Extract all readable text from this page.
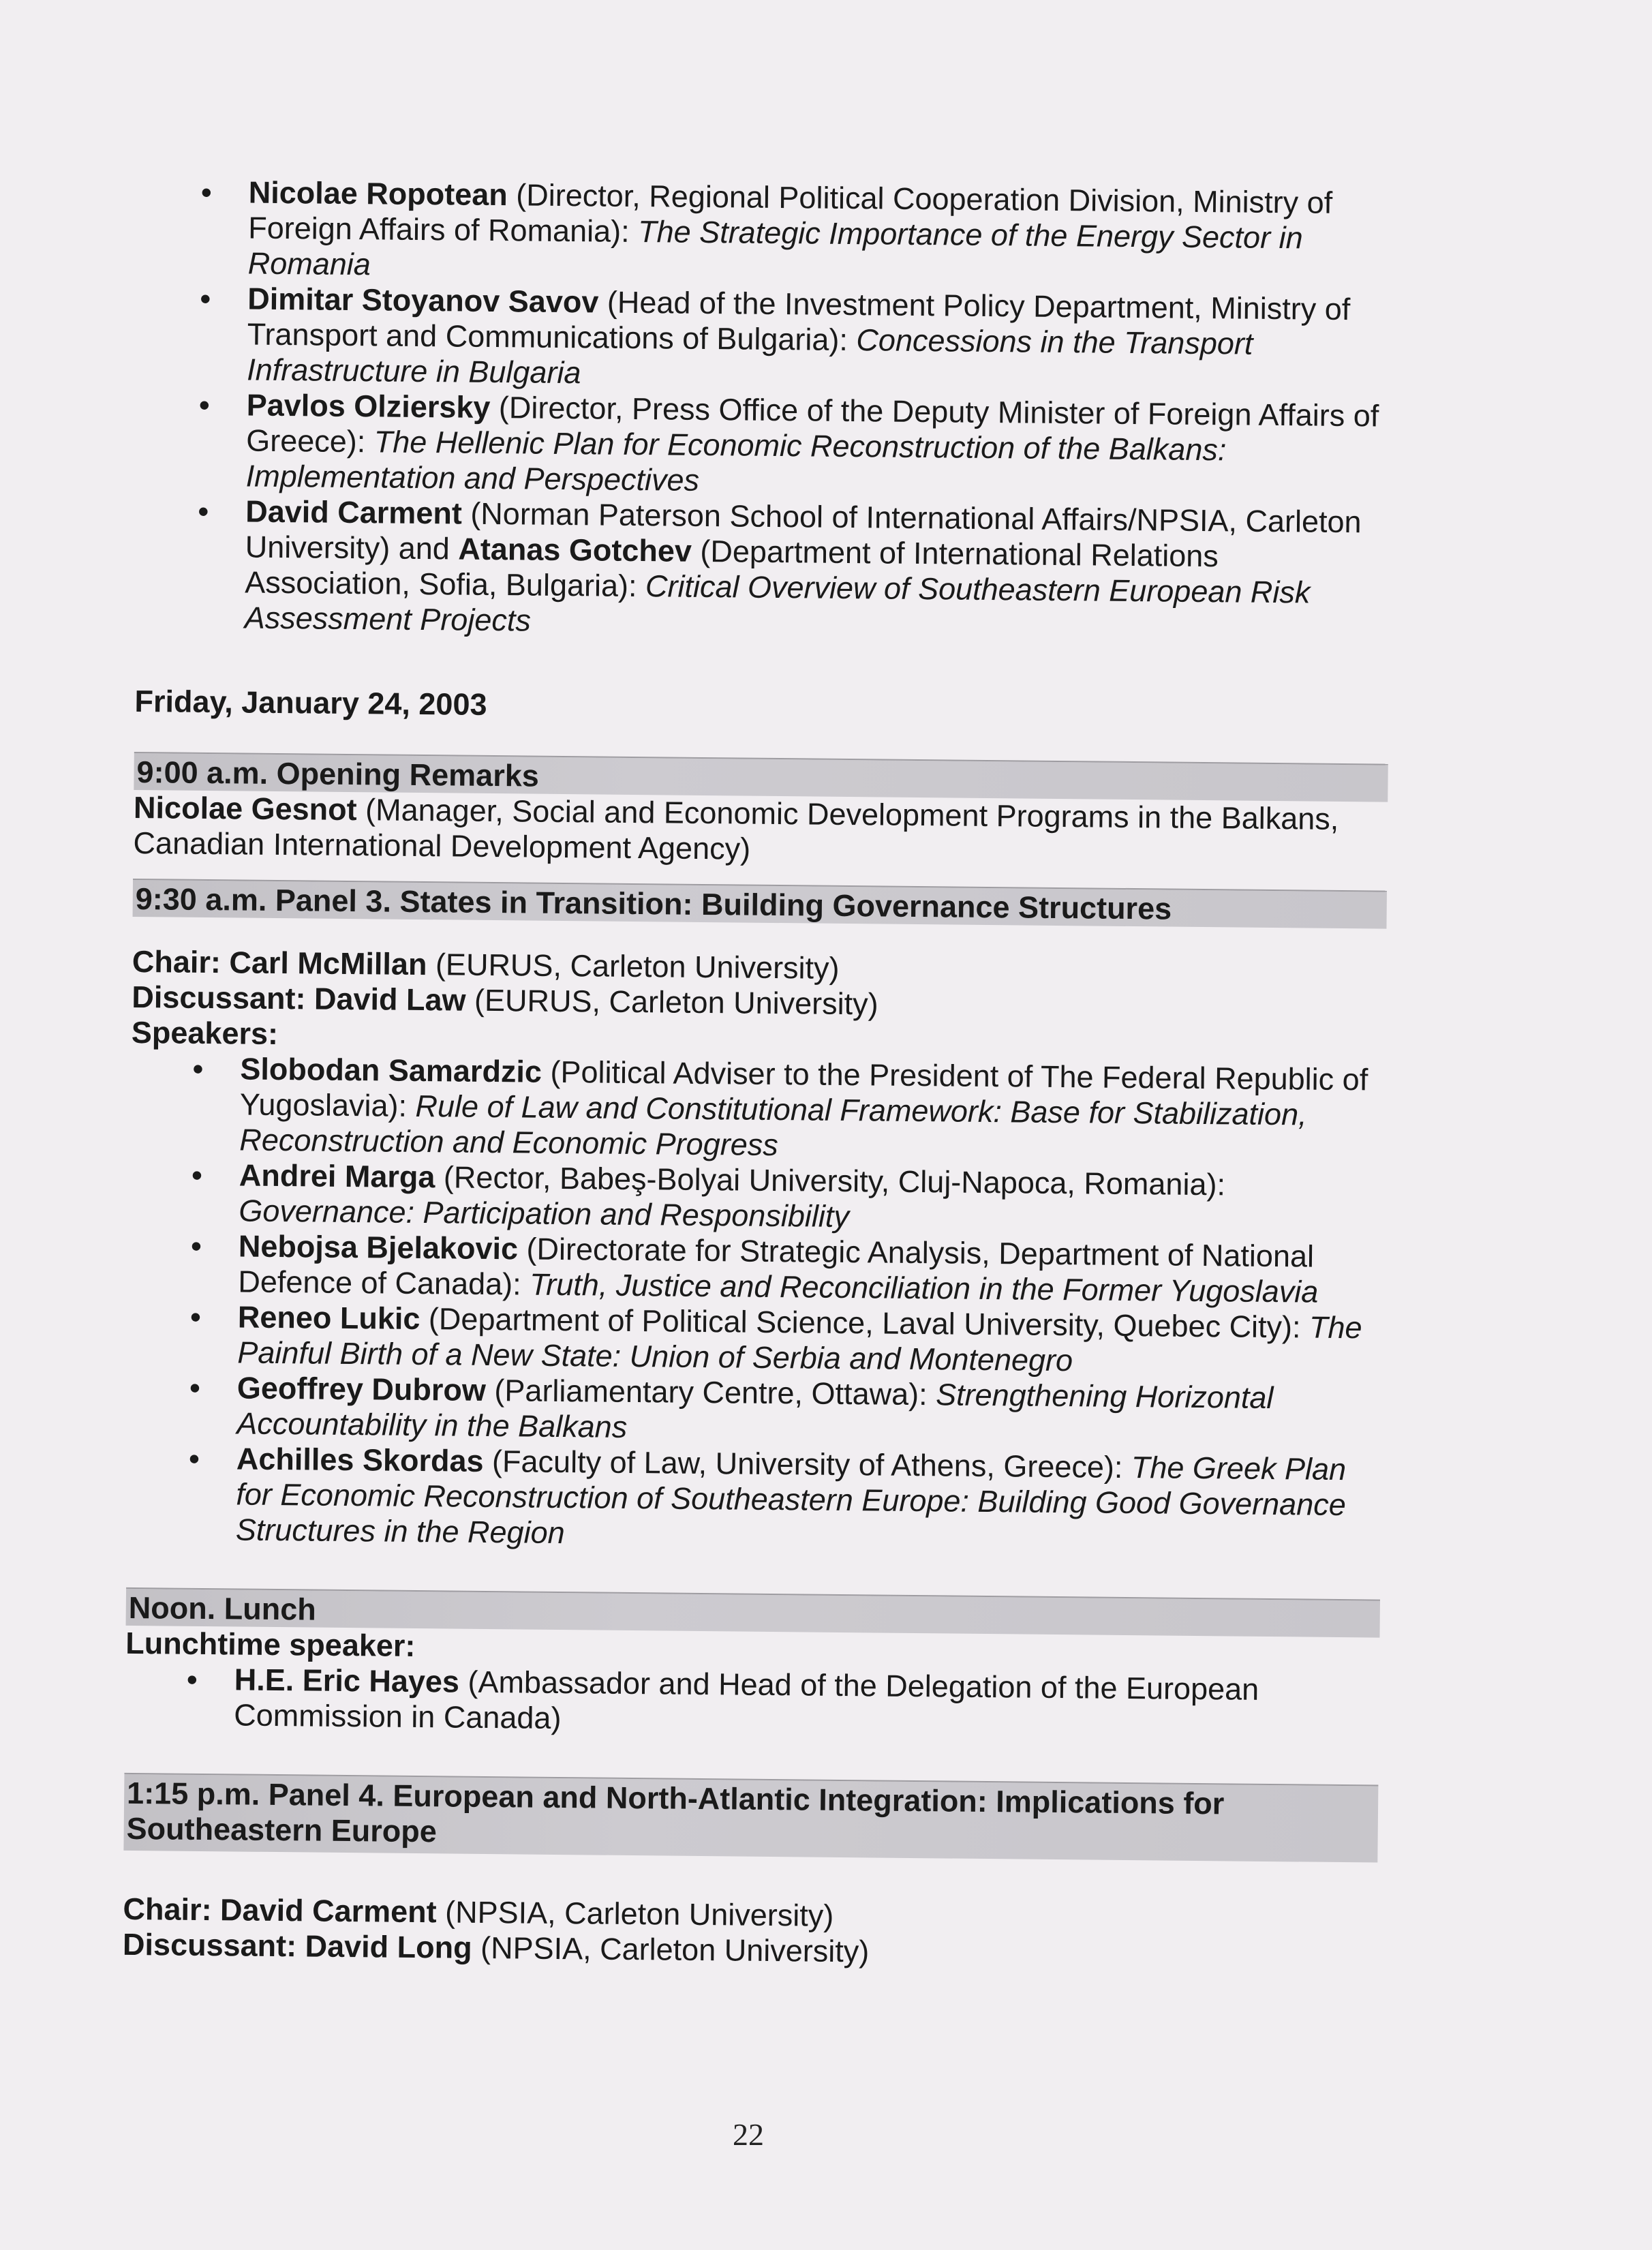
• Nicolae Ropotean (Director, Regional Political Cooperation Division, Ministry of Foreign Affairs of Romania): The Strategic Importance of the Energy Sector in Romania
• Dimitar Stoyanov Savov (Head of the Investment Policy Department, Ministry of Transport and Communications of Bulgaria): Concessions in the Transport Infrastructure in Bulgaria
• Pavlos Olziersky (Director, Press Office of the Deputy Minister of Foreign Affairs of Greece): The Hellenic Plan for Economic Reconstruction of the Balkans: Implementation and Perspectives
• David Carment (Norman Paterson School of International Affairs/NPSIA, Carleton University) and Atanas Gotchev (Department of International Relations Association, Sofia, Bulgaria): Critical Overview of Southeastern European Risk Assessment Projects
Friday, January 24, 2003
9:00 a.m. Opening Remarks

Nicolae Gesnot (Manager, Social and Economic Development Programs in the Balkans, Canadian International Development Agency)

9:30 a.m. Panel 3. States in Transition: Building Governance Structures

Chair: Carl McMillan (EURUS, Carleton University)

Discussant: David Law (EURUS, Carleton University)

Speakers:

• Slobodan Samardzic (Political Adviser to the President of The Federal Republic of Yugoslavia): Rule of Law and Constitutional Framework: Base for Stabilization, Reconstruction and Economic Progress
• Andrei Marga (Rector, Babeş-Bolyai University, Cluj-Napoca, Romania): Governance: Participation and Responsibility
• Nebojsa Bjelakovic (Directorate for Strategic Analysis, Department of National Defence of Canada): Truth, Justice and Reconciliation in the Former Yugoslavia
• Reneo Lukic (Department of Political Science, Laval University, Quebec City): The Painful Birth of a New State: Union of Serbia and Montenegro
• Geoffrey Dubrow (Parliamentary Centre, Ottawa): Strengthening Horizontal Accountability in the Balkans
• Achilles Skordas (Faculty of Law, University of Athens, Greece): The Greek Plan for Economic Reconstruction of Southeastern Europe: Building Good Governance Structures in the Region
Noon. Lunch

Lunchtime speaker:

• H.E. Eric Hayes (Ambassador and Head of the Delegation of the European Commission in Canada)
1:15 p.m. Panel 4. European and North-Atlantic Integration: Implications for Southeastern Europe

Chair: David Carment (NPSIA, Carleton University)

Discussant: David Long (NPSIA, Carleton University)

22
